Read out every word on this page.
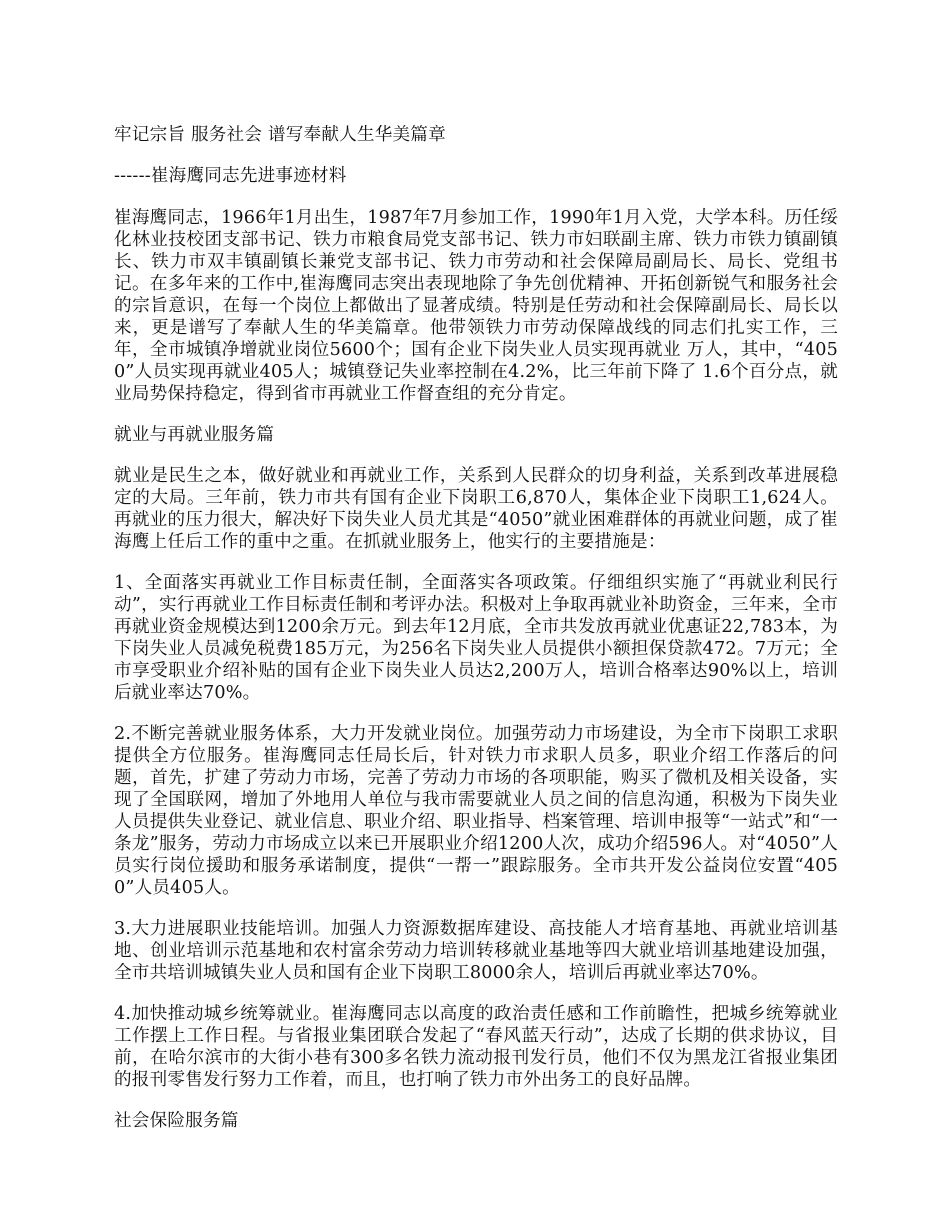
牢记宗旨 服务社会 谱写奉献人生华美篇章

------崔海鹰同志先进事迹材料

崔海鹰同志，1966年1月出生，1987年7月参加工作，1990年1月入党，大学本科。历任绥化林业技校团支部书记、铁力市粮食局党支部书记、铁力市妇联副主席、铁力市铁力镇副镇长、铁力市双丰镇副镇长兼党支部书记、铁力市劳动和社会保障局副局长、局长、党组书记。在多年来的工作中,崔海鹰同志突出表现地除了争先创优精神、开拓创新锐气和服务社会的宗旨意识，在每一个岗位上都做出了显著成绩。特别是任劳动和社会保障副局长、局长以来，更是谱写了奉献人生的华美篇章。他带领铁力市劳动保障战线的同志们扎实工作，三年，全市城镇净增就业岗位5600个；国有企业下岗失业人员实现再就业 万人，其中，“4050”人员实现再就业405人；城镇登记失业率控制在4.2%，比三年前下降了 1.6个百分点，就业局势保持稳定，得到省市再就业工作督查组的充分肯定。

就业与再就业服务篇

就业是民生之本，做好就业和再就业工作，关系到人民群众的切身利益，关系到改革进展稳定的大局。三年前，铁力市共有国有企业下岗职工6,870人，集体企业下岗职工1,624人。再就业的压力很大，解决好下岗失业人员尤其是“4050”就业困难群体的再就业问题，成了崔海鹰上任后工作的重中之重。在抓就业服务上，他实行的主要措施是：

1、全面落实再就业工作目标责任制，全面落实各项政策。仔细组织实施了“再就业利民行动”，实行再就业工作目标责任制和考评办法。积极对上争取再就业补助资金，三年来，全市再就业资金规模达到1200余万元。到去年12月底，全市共发放再就业优惠证22,783本，为下岗失业人员减免税费185万元，为256名下岗失业人员提供小额担保贷款472。7万元；全市享受职业介绍补贴的国有企业下岗失业人员达2,200万人，培训合格率达90%以上，培训后就业率达70%。

2.不断完善就业服务体系，大力开发就业岗位。加强劳动力市场建设，为全市下岗职工求职提供全方位服务。崔海鹰同志任局长后，针对铁力市求职人员多，职业介绍工作落后的问题，首先，扩建了劳动力市场，完善了劳动力市场的各项职能，购买了微机及相关设备，实现了全国联网，增加了外地用人单位与我市需要就业人员之间的信息沟通，积极为下岗失业人员提供失业登记、就业信息、职业介绍、职业指导、档案管理、培训申报等“一站式”和“一条龙”服务，劳动力市场成立以来已开展职业介绍1200人次，成功介绍596人。对“4050”人员实行岗位援助和服务承诺制度，提供“一帮一”跟踪服务。全市共开发公益岗位安置“4050”人员405人。

3.大力进展职业技能培训。加强人力资源数据库建设、高技能人才培育基地、再就业培训基地、创业培训示范基地和农村富余劳动力培训转移就业基地等四大就业培训基地建设加强，全市共培训城镇失业人员和国有企业下岗职工8000余人，培训后再就业率达70%。

4.加快推动城乡统筹就业。崔海鹰同志以高度的政治责任感和工作前瞻性，把城乡统筹就业工作摆上工作日程。与省报业集团联合发起了“春风蓝天行动”，达成了长期的供求协议，目前，在哈尔滨市的大街小巷有300多名铁力流动报刊发行员，他们不仅为黑龙江省报业集团的报刊零售发行努力工作着，而且，也打响了铁力市外出务工的良好品牌。

社会保险服务篇
